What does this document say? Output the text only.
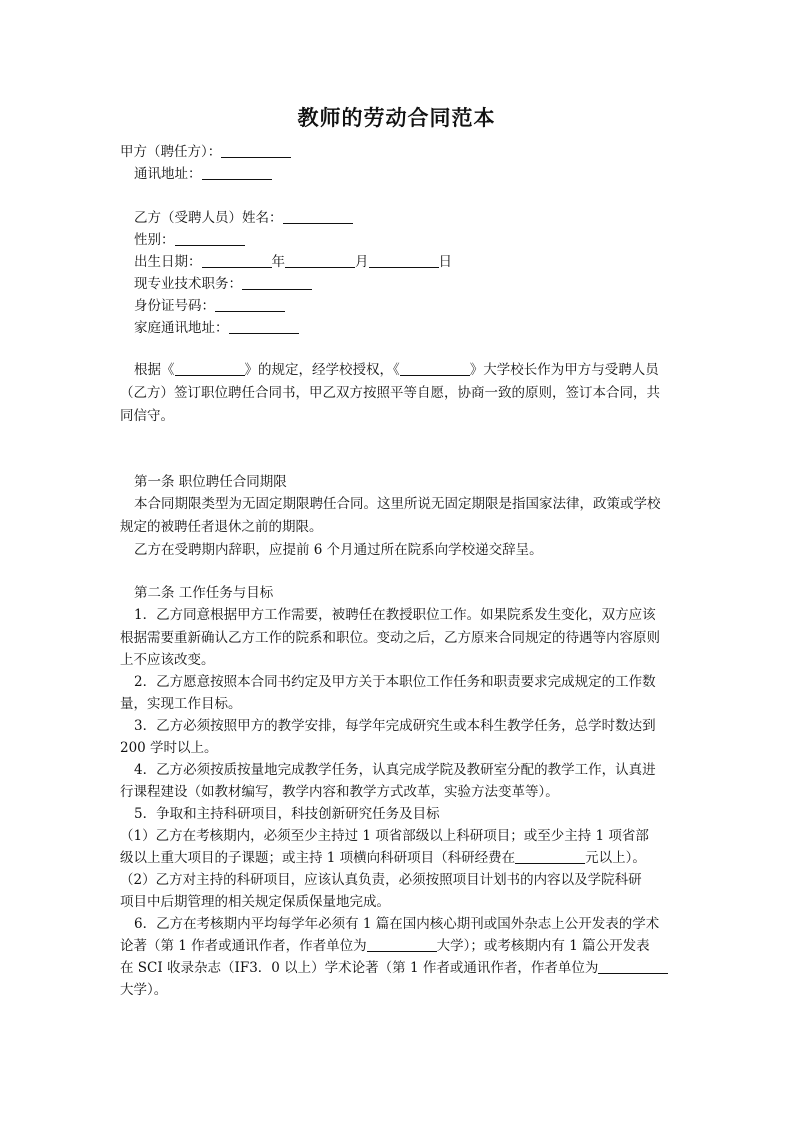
教师的劳动合同范本
甲方（聘任方）：
通讯地址：
乙方（受聘人员）姓名：
性别：
出生日期：	年	月	日
现专业技术职务：
身份证号码：
家庭通讯地址：
根据《	》的规定，经学校授权，《	》大学校长作为甲方与受聘人员
（乙方）签订职位聘任合同书，甲乙双方按照平等自愿，协商一致的原则，签订本合同，共
同信守。
第一条 职位聘任合同期限
本合同期限类型为无固定期限聘任合同。这里所说无固定期限是指国家法律，政策或学校
规定的被聘任者退休之前的期限。
乙方在受聘期内辞职，应提前 6 个月通过所在院系向学校递交辞呈。
第二条 工作任务与目标
1．乙方同意根据甲方工作需要，被聘任在教授职位工作。如果院系发生变化，双方应该
根据需要重新确认乙方工作的院系和职位。变动之后，乙方原来合同规定的待遇等内容原则
上不应该改变。
2．乙方愿意按照本合同书约定及甲方关于本职位工作任务和职责要求完成规定的工作数
量，实现工作目标。
3．乙方必须按照甲方的教学安排，每学年完成研究生或本科生教学任务，总学时数达到
200 学时以上。
4．乙方必须按质按量地完成教学任务，认真完成学院及教研室分配的教学工作，认真进
行课程建设（如教材编写，教学内容和教学方式改革，实验方法变革等）。
5．争取和主持科研项目，科技创新研究任务及目标
（1）乙方在考核期内，必须至少主持过 1 项省部级以上科研项目；或至少主持 1 项省部
级以上重大项目的子课题；或主持 1 项横向科研项目（科研经费在	元以上）。
（2）乙方对主持的科研项目，应该认真负责，必须按照项目计划书的内容以及学院科研
项目中后期管理的相关规定保质保量地完成。
6．乙方在考核期内平均每学年必须有 1 篇在国内核心期刊或国外杂志上公开发表的学术
论著（第 1 作者或通讯作者，作者单位为	大学）；或考核期内有 1 篇公开发表
在 SCI 收录杂志（IF3．0 以上）学术论著（第 1 作者或通讯作者，作者单位为
大学）。
